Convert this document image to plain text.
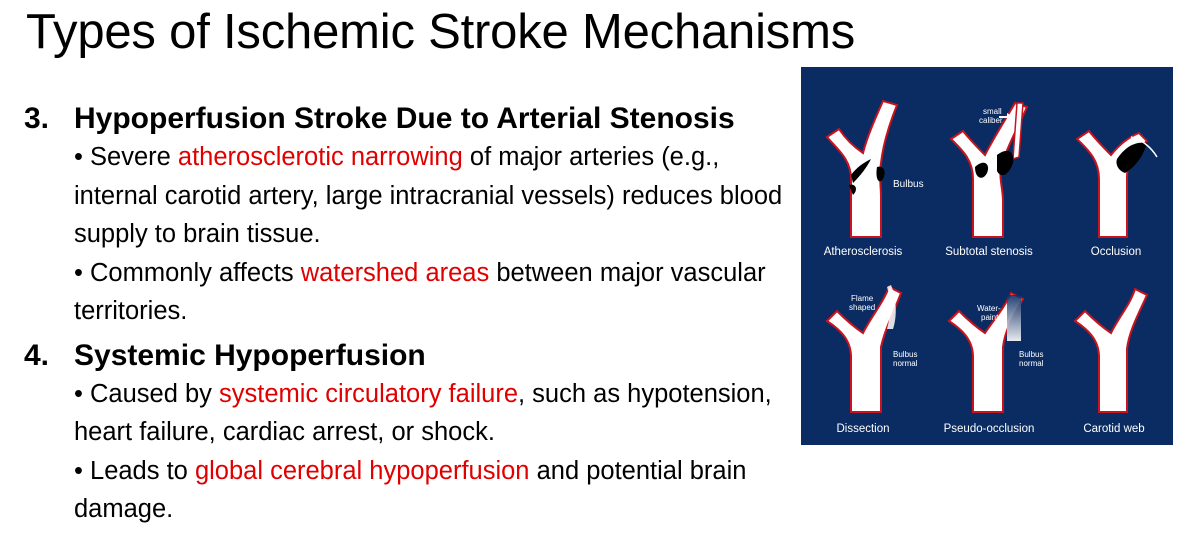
Types of Ischemic Stroke Mechanisms
3. Hypoperfusion Stroke Due to Arterial Stenosis
• Severe atherosclerotic narrowing of major arteries (e.g., internal carotid artery, large intracranial vessels) reduces blood supply to brain tissue.
• Commonly affects watershed areas between major vascular territories.
4. Systemic Hypoperfusion
• Caused by systemic circulatory failure, such as hypotension, heart failure, cardiac arrest, or shock.
• Leads to global cerebral hypoperfusion and potential brain damage.
Bulbus
Atherosclerosis
small
caliber
Subtotal stenosis	Occlusion
Flame
shaped
Bulbus
normal
Dissection
Water-
paint
Bulbus
normal
Pseudo-occlusion	Carotid web
